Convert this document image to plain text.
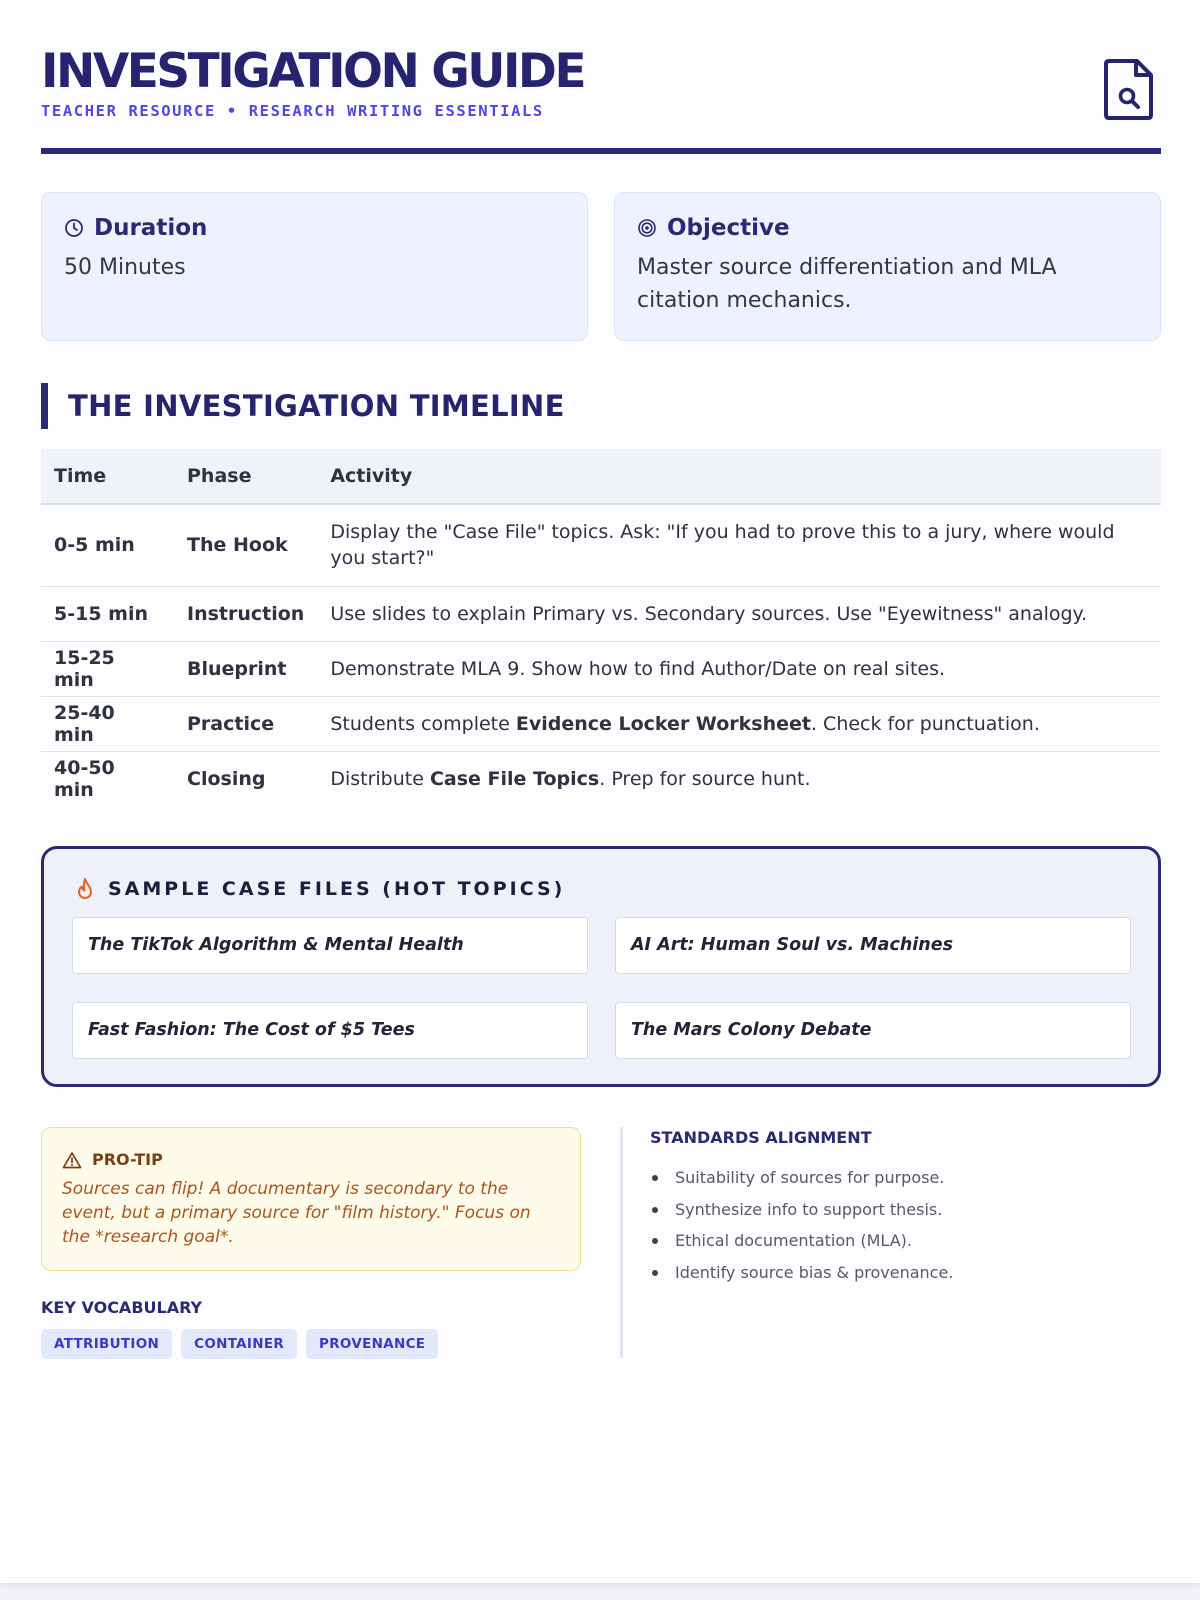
INVESTIGATION GUIDE
TEACHER RESOURCE • RESEARCH WRITING ESSENTIALS
Duration
50 Minutes
Objective
Master source differentiation and MLA citation mechanics.
THE INVESTIGATION TIMELINE
Time	Phase	Activity
0-5 min	The Hook	Display the "Case File" topics. Ask: "If you had to prove this to a jury, where would you start?"
5-15 min	Instruction	Use slides to explain Primary vs. Secondary sources. Use "Eyewitness" analogy.
15-25 min	Blueprint	Demonstrate MLA 9. Show how to find Author/Date on real sites.
25-40 min	Practice	Students complete Evidence Locker Worksheet. Check for punctuation.
40-50 min	Closing	Distribute Case File Topics. Prep for source hunt.
SAMPLE CASE FILES (HOT TOPICS)
The TikTok Algorithm & Mental Health	AI Art: Human Soul vs. Machines
Fast Fashion: The Cost of $5 Tees	The Mars Colony Debate
PRO-TIP
Sources can flip! A documentary is secondary to the event, but a primary source for "film history." Focus on the *research goal*.
KEY VOCABULARY
ATTRIBUTION	CONTAINER	PROVENANCE
STANDARDS ALIGNMENT
Suitability of sources for purpose.
Synthesize info to support thesis.
Ethical documentation (MLA).
Identify source bias & provenance.
